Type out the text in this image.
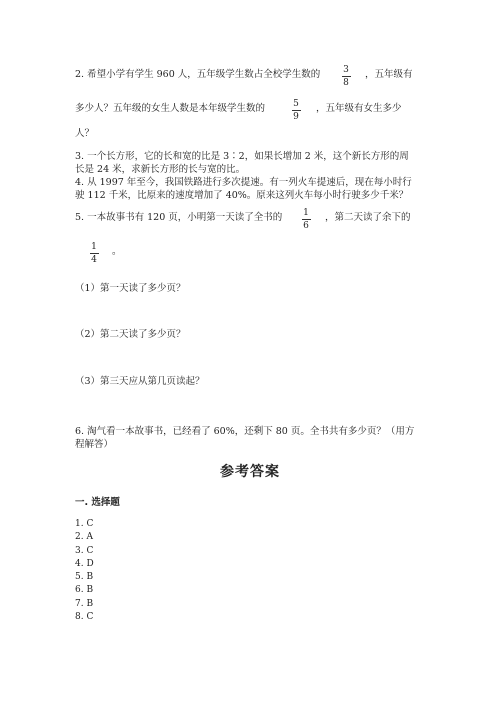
2. 希望小学有学生 960 人，五年级学生数占全校学生数的	3
8
，五年级有
多少人？五年级的女生人数是本年级学生数的	5
9
，五年级有女生多少
人？
3. 一个长方形，它的长和宽的比是 3∶2，如果长增加 2 米，这个新长方形的周
长是 24 米，求新长方形的长与宽的比。
4. 从 1997 年至今，我国铁路进行多次提速。有一列火车提速后，现在每小时行
驶 112 千米，比原来的速度增加了 40%。原来这列火车每小时行驶多少千米？
5. 一本故事书有 120 页，小明第一天读了全书的 1
6
，第二天读了余下的
1
4
。
（1）第一天读了多少页？
（2）第二天读了多少页？
（3）第三天应从第几页读起？
6. 淘气看一本故事书，已经看了 60%，还剩下 80 页。全书共有多少页？（用方
程解答）
参考答案
一. 选择题
1. C
2. A
3. C
4. D
5. B
6. B
7. B
8. C
